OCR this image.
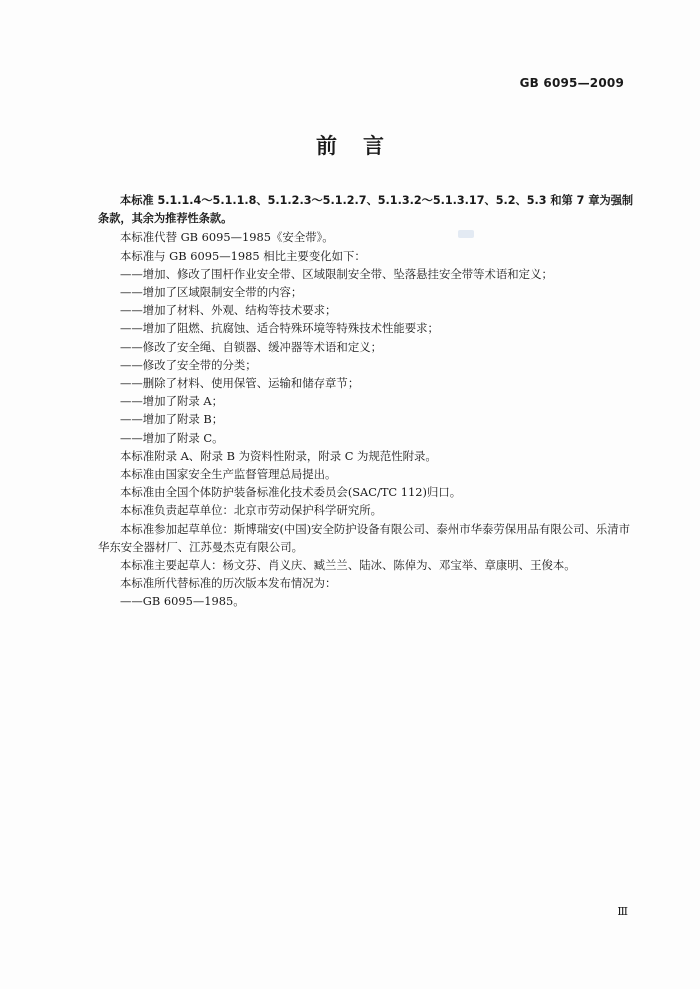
GB 6095—2009
前言

本标准 5.1.1.4～5.1.1.8、5.1.2.3～5.1.2.7、5.1.3.2～5.1.3.17、5.2、5.3 和第 7 章为强制条款，其余为推荐性条款。

本标准代替 GB 6095—1985《安全带》。

本标准与 GB 6095—1985 相比主要变化如下：

——增加、修改了围杆作业安全带、区域限制安全带、坠落悬挂安全带等术语和定义；

——增加了区域限制安全带的内容；

——增加了材料、外观、结构等技术要求；

——增加了阻燃、抗腐蚀、适合特殊环境等特殊技术性能要求；

——修改了安全绳、自锁器、缓冲器等术语和定义；

——修改了安全带的分类；

——删除了材料、使用保管、运输和储存章节；

——增加了附录 A；

——增加了附录 B；

——增加了附录 C。

本标准附录 A、附录 B 为资料性附录，附录 C 为规范性附录。

本标准由国家安全生产监督管理总局提出。

本标准由全国个体防护装备标准化技术委员会(SAC/TC 112)归口。

本标准负责起草单位：北京市劳动保护科学研究所。

本标准参加起草单位：斯博瑞安(中国)安全防护设备有限公司、泰州市华泰劳保用品有限公司、乐清市华东安全器材厂、江苏曼杰克有限公司。

本标准主要起草人：杨文芬、肖义庆、臧兰兰、陆冰、陈倬为、邓宝举、章康明、王俊本。

本标准所代替标准的历次版本发布情况为：

——GB 6095—1985。

Ⅲ
